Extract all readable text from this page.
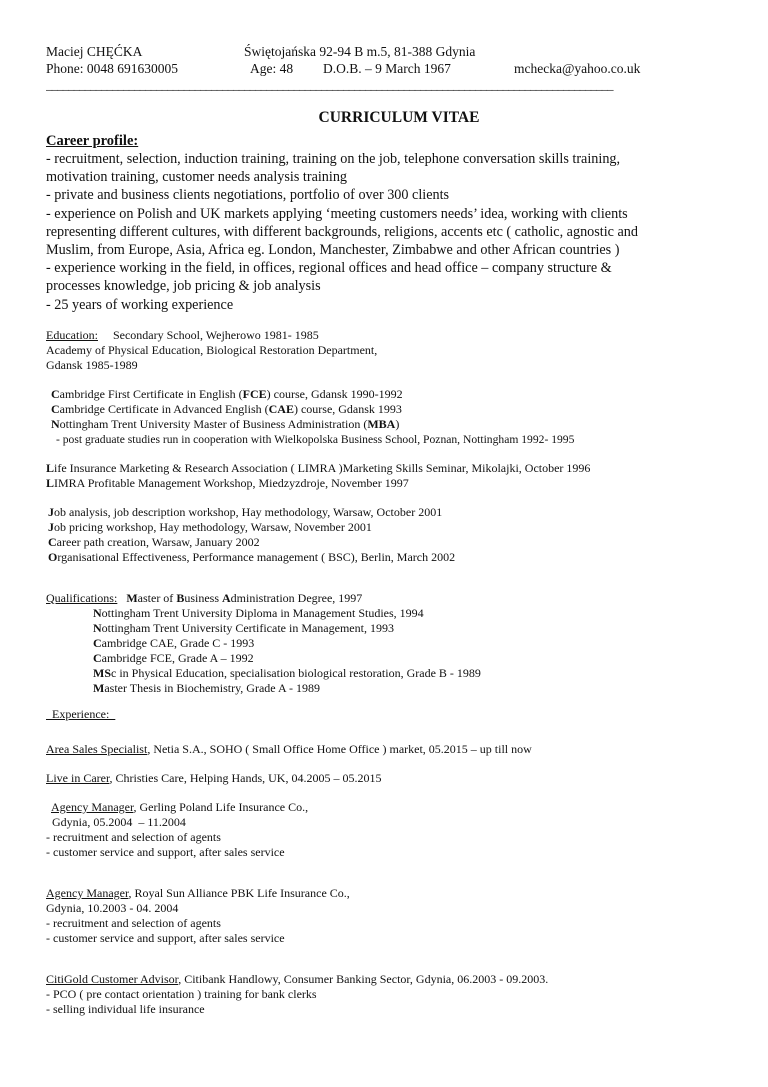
Maciej CHĘĆKA	Świętojańska 92-94 B m.5, 81-388 Gdynia
Phone: 0048 691630005	Age: 48 D.O.B. – 9 March 1967	mchecka@yahoo.co.uk
_______________________________________________________________________________________________________
CURRICULUM VITAE
Career profile:

- recruitment, selection, induction training, training on the job, telephone conversation skills training,

motivation training, customer needs analysis training

- private and business clients negotiations, portfolio of over 300 clients

- experience on Polish and UK markets applying ‘meeting customers needs’ idea, working with clients

representing different cultures, with different backgrounds, religions, accents etc ( catholic, agnostic and

Muslim, from Europe, Asia, Africa eg. London, Manchester, Zimbabwe and other African countries )

- experience working in the field, in offices, regional offices and head office – company structure &

processes knowledge, job pricing & job analysis

- 25 years of working experience

Education: Secondary School, Wejherowo 1981- 1985

Academy of Physical Education, Biological Restoration Department,

Gdansk 1985-1989

Cambridge First Certificate in English (FCE) course, Gdansk 1990-1992

Cambridge Certificate in Advanced English (CAE) course, Gdansk 1993

Nottingham Trent University Master of Business Administration (MBA)

- post graduate studies run in cooperation with Wielkopolska Business School, Poznan, Nottingham 1992- 1995

Life Insurance Marketing & Research Association ( LIMRA )Marketing Skills Seminar, Mikolajki, October 1996

LIMRA Profitable Management Workshop, Miedzyzdroje, November 1997

Job analysis, job description workshop, Hay methodology, Warsaw, October 2001

Job pricing workshop, Hay methodology, Warsaw, November 2001

Career path creation, Warsaw, January 2002

Organisational Effectiveness, Performance management ( BSC), Berlin, March 2002

Qualifications: Master of Business Administration Degree, 1997

Nottingham Trent University Diploma in Management Studies, 1994

Nottingham Trent University Certificate in Management, 1993

Cambridge CAE, Grade C - 1993

Cambridge FCE, Grade A – 1992

MSc in Physical Education, specialisation biological restoration, Grade B - 1989

Master Thesis in Biochemistry, Grade A - 1989

Experience:

Area Sales Specialist, Netia S.A., SOHO ( Small Office Home Office ) market, 05.2015 – up till now

Live in Carer, Christies Care, Helping Hands, UK, 04.2005 – 05.2015

Agency Manager, Gerling Poland Life Insurance Co.,

Gdynia, 05.2004  – 11.2004

- recruitment and selection of agents

- customer service and support, after sales service

Agency Manager, Royal Sun Alliance PBK Life Insurance Co.,

Gdynia, 10.2003 - 04. 2004

- recruitment and selection of agents

- customer service and support, after sales service

CitiGold Customer Advisor, Citibank Handlowy, Consumer Banking Sector, Gdynia, 06.2003 - 09.2003.

- PCO ( pre contact orientation ) training for bank clerks

- selling individual life insurance
